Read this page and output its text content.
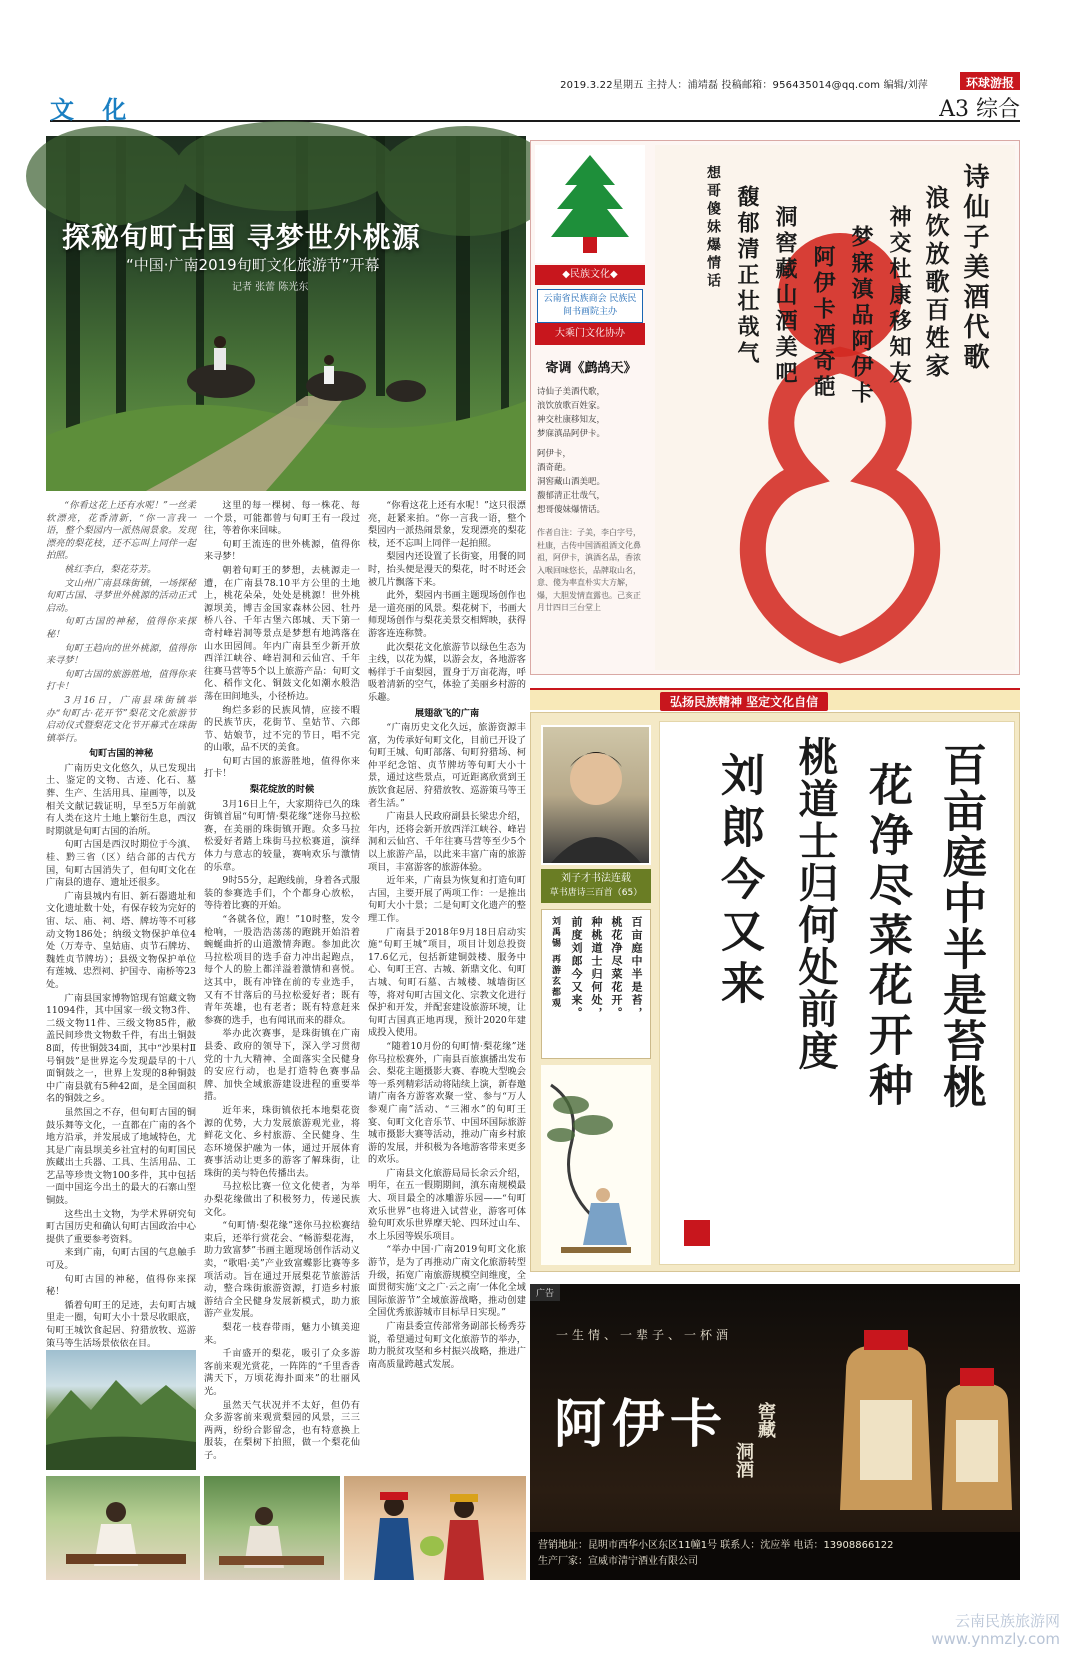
2019.3.22星期五 主持人：浦靖磊 投稿邮箱：956435014@qq.com 编辑/刘萍	环球游报
文 化	A3 综合
探秘旬町古国 寻梦世外桃源
“中国·广南2019旬町文化旅游节”开幕
记者 张蕾 陈光东

“你看这花上还有水呢！”一丝柔软漂亮，花香清新，“你一言我一语，整个梨园内一派热闹景象。发现漂亮的梨花枝，还不忘叫上同伴一起拍照。

桃红李白，梨花芬芳。

文山州广南县珠街镇，一场探秘旬町古国、寻梦世外桃源的活动正式启动。

旬町古国的神秘，值得你来探秘！

旬町王趋向的世外桃源，值得你来寻梦！

旬町古国的旅游胜地，值得你来打卡！

3月16日，广南县珠街镇举办“旬町古·花开节”梨花文化旅游节启动仪式暨梨花文化节开幕式在珠街镇举行。

旬町古国的神秘

广南历史文化悠久，从已发现出土、鉴定的文物、古迹、化石、墓葬、生产、生活用具、崖画等，以及相关文献记载证明，早至5万年前就有人类在这片土地上繁衍生息，西汉时期就是旬町古国的治所。

旬町古国是西汉时期位于今滇、桂、黔三省（区）结合部的古代方国，旬町古国消失了，但旬町文化在广南县的遗存、遗址还很多。

广南县城内有旧、新石器遗址和文化遗址数十处，有保存较为完好的宙、坛、庙、祠、塔、牌坊等不可移动文物186处；纳级文物保护单位4处（万寿寺、皇姑庙、贞节石牌坊、魏姓贞节牌坊）；县级文物保护单位有莲城、忠烈祠、护国寺、南桥等23处。

广南县国家博物馆现有馆藏文物11094件，其中国家一级文物3件、二级文物11件、三级文物85件，敝盖民间珍贵文物数千件，有出土铜鼓8面，传世铜鼓34面，其中“沙果村Ⅱ号铜鼓”是世界迄今发现最早的十八面铜鼓之一，世界上发现的8种铜鼓中广南县就有5种42面，是全国面积名的铜鼓之乡。

虽然国之不存，但旬町古国的铜鼓乐舞等文化，一直都在广南的各个地方沿承，并发展成了地域特色，尤其是广南县坝美乡社宜村的旬町国民族藏出土兵器、工具、生活用品、工艺品等珍贵文物100多件，其中包括一面中国迄今出土的最大的石寨山型铜鼓。

这些出土文物，为学术界研究旬町古国历史和确认旬町古国政治中心提供了重要参考资料。

来到广南，旬町古国的气息触手可及。

旬町古国的神秘，值得你来探秘！

循着旬町王的足迹，去旬町古城里走一圈，旬町大小十景尽收眼底，旬町王城饮食起居、狩猎放牧、巡游策马等生活场景依依在目。

这里的每一棵树、每一株花、每一个景，可能都曾与旬町王有一段过往，等着你来回味。

旬町王流连的世外桃源，值得你来寻梦！

朝着旬町王的梦想，去桃源走一遭，在广南县78.10平方公里的土地上，桃花朵朵，处处是桃源！世外桃源坝美，博吉金国家森林公园、牡丹桥八谷、千年古堡六郎城、天下第一奇村峰岩洞等景点是梦想有地鸿落在山水田园间。年内广南县至少新开放西洋江峡谷、峰岩洞和云仙宫、千年往赛马营等5个以上旅游产品：旬町文化、稻作文化、铜鼓文化如潮水般浩荡在田间地头，小径桥边。

绚烂多彩的民族风情，应接不暇的民族节庆，花街节、皇姑节、六郎节、姑娘节，过不完的节日，唱不完的山歌，品不厌的美食。

旬町古国的旅游胜地，值得你来打卡！

梨花绽放的时候

3月16日上午，大家期待已久的珠街镇首届“旬町情·梨花缘”迷你马拉松赛，在美丽的珠街镇开跑。众多马拉松爱好者踏上珠街马拉松赛道，演绎体力与意志的较量，赛响欢乐与激情的乐章。

9时55分，起跑线前，身着各式服装的参赛选手们，个个都身心放松，等待着比赛的开始。

“各就各位，跑！”10时整，发令枪响，一股浩浩荡荡的跑跳开始沿着蜿蜒曲折的山道激情奔跑。参加此次马拉松项目的选手奋力冲出起跑点，每个人的脸上都洋溢着激情和喜悦。这其中，既有冲锋在前的专业选手，又有不甘落后的马拉松爱好者；既有青年英雄，也有老者；既有特意赶来参赛的选手，也有闻讯而来的群众。

举办此次赛事，是珠街镇在广南县委、政府的领导下，深入学习贯彻党的十九大精神、全面落实全民健身的安应行动，也是打造特色赛事品牌、加快全域旅游建设进程的重要举措。

近年来，珠街镇依托本地梨花资源的优势，大力发展旅游观光业，将鲜花文化、乡村旅游、全民健身、生态环境保护融为一体，通过开展体育赛事活动让更多的游客了解珠街，让珠街的美与特色传播出去。

马拉松比赛一位文化使者，为举办梨花缘做出了积极努力，传递民族文化。

“旬町情·梨花缘”迷你马拉松赛结束后，还举行赏花会、“畅游梨花海，助力致富梦”书画主题现场创作活动义卖，“歌唱·美”产业致富蝶影比赛等多项活动。旨在通过开展梨花节旅游活动，整合珠街旅游资源，打造乡村旅游结合全民健身发展新模式，助力旅游产业发展。

梨花一枝春带雨，魅力小镇美迎来。

千亩盛开的梨花，吸引了众多游客前来观光赏花，一阵阵的“千里香香满天下，万顷花海扑面来”的壮丽风光。

虽然天气状况并不太好，但仍有众多游客前来观赏梨园的风景，三三两两，纷纷合影留念，也有特意换上服装，在梨树下拍照，做一个梨花仙子。

“你看这花上还有水呢！”这只很漂亮，赶紧来拍。“你一言我一语，整个梨园内一派热闹景象，发现漂亮的梨花枝，还不忘叫上同伴一起拍照。

梨园内还设置了长街宴，用餐的同时，抬头便是漫天的梨花，时不时还会被几片飘落下来。

此外，梨园内书画主题现场创作也是一道亮丽的风景。梨花树下，书画大师现场创作与梨花美景交相辉映，获得游客连连称赞。

此次梨花文化旅游节以绿色生态为主线，以花为媒，以游会友，各地游客畅徉于千亩梨园，置身于万亩花海，呼吸着清新的空气，体验了美丽乡村游的乐趣。

展翅欲飞的广南

“广南历史文化久远，旅游资源丰富，为传承好旬町文化，目前已开设了旬町王城、旬町部落、旬町狩猎场、柯仲平纪念馆、贞节牌坊等旬町大小十景，通过这些景点，可近距离欣赏到王族饮食起居、狩猎放牧、巡游策马等王者生活。”

广南县人民政府副县长梁忠介绍，年内，还将会新开放西洋江峡谷、峰岩洞和云仙宫、千年往赛马营等至少5个以上旅游产品，以此来丰富广南的旅游项目，丰富游客的旅游体验。

近年来，广南县为恢复和打造旬町古国，主要开展了两项工作：一是推出旬町大小十景；二是旬町文化遗产的整理工作。

广南县于2018年9月18日启动实施“旬町王城”项目，项目计划总投资17.6亿元，包括新建铜鼓楼、服务中心、旬町王宫、古城、新鼎文化、旬町古城、旬町石墓、古城楼、城墙街区等，将对旬町古国文化、宗教文化进行保护和开发，并配套建设旅游环境，让旬町古国真正地再现，预计2020年建成投入使用。

“随着10月份的旬町情·梨花缘”迷你马拉松赛外，广南县百旅旗播出发布会、梨花主题摄影大赛、春晚大型晚会等一系列精彩活动将陆续上演，新春邀请广南各方游客欢聚一堂、参与“万人参观广南”活动、“三湘水”的旬町王宴、旬町文化音乐节、中国环国际旅游城市摄影大赛等活动，推动广南乡村旅游的发展，并积极为各地游客带来更多的欢乐。

广南县文化旅游局局长余云介绍，明年，在五一假期期间，滇东南规模最大、项目最全的冰雕游乐园——“旬町欢乐世界”也将进入试营业，游客可体验旬町欢乐世界摩天轮、四环过山车、水上乐园等娱乐项目。

“举办中国·广南2019旬町文化旅游节，是为了再推动广南文化旅游转型升级，拓宽广南旅游规模空间维度，全面贯彻实施‘文之广·云之南’一体化全域国际旅游节”全域旅游战略，推动创建全国优秀旅游城市目标早日实现。”

广南县委宣传部常务副部长杨秀芬说，希望通过旬町文化旅游节的举办，助力脱贫攻坚和乡村振兴战略，推进广南高质量跨越式发展。

◆民族文化◆
云南省民族商会 民族民间书画院主办
大乘门文化协办
寄调《鹧鸪天》
诗仙子美酒代歌，
浪饮放歌百姓家。
神交杜康移知友，
梦寐滇品阿伊卡。
阿伊卡，
酒奇葩。
洞窖藏山酒美吧。
馥郁清正壮哉气，
想哥傻妹爆情话。
作者自注：子美，李白字号，杜康，古传中国酒祖酒文化鼻祖，阿伊卡，滇酒名品，香浓入喉回味悠长，品牌取山名，意、傻为率直朴实大方解，爆，大胆发情直露也。己亥正月廿四日三台堂上
诗仙子美酒代歌
浪饮放歌百姓家
神交杜康移知友
梦寐滇品阿伊卡
阿伊卡酒奇葩
洞窖藏山酒美吧
馥郁清正壮哉气
想哥傻妹爆情话
弘扬民族精神 坚定文化自信
刘子才书法连载
草书唐诗三百首（65）
百亩庭中半是苔，
桃花净尽菜花开。
种桃道士归何处，
前度刘郎今又来。
刘禹锡 再游玄都观	百亩庭中半是苔桃
花净尽菜花开种
桃道士归何处前度
刘郎今又来
广告
一生情、一辈子、一杯酒
阿伊卡 窖藏
洞酒
营销地址：昆明市西华小区东区11幢1号 联系人：沈应举 电话：13908866122
生产厂家：宣威市清宁酒业有限公司
云南民族旅游网
www.ynmzly.com
